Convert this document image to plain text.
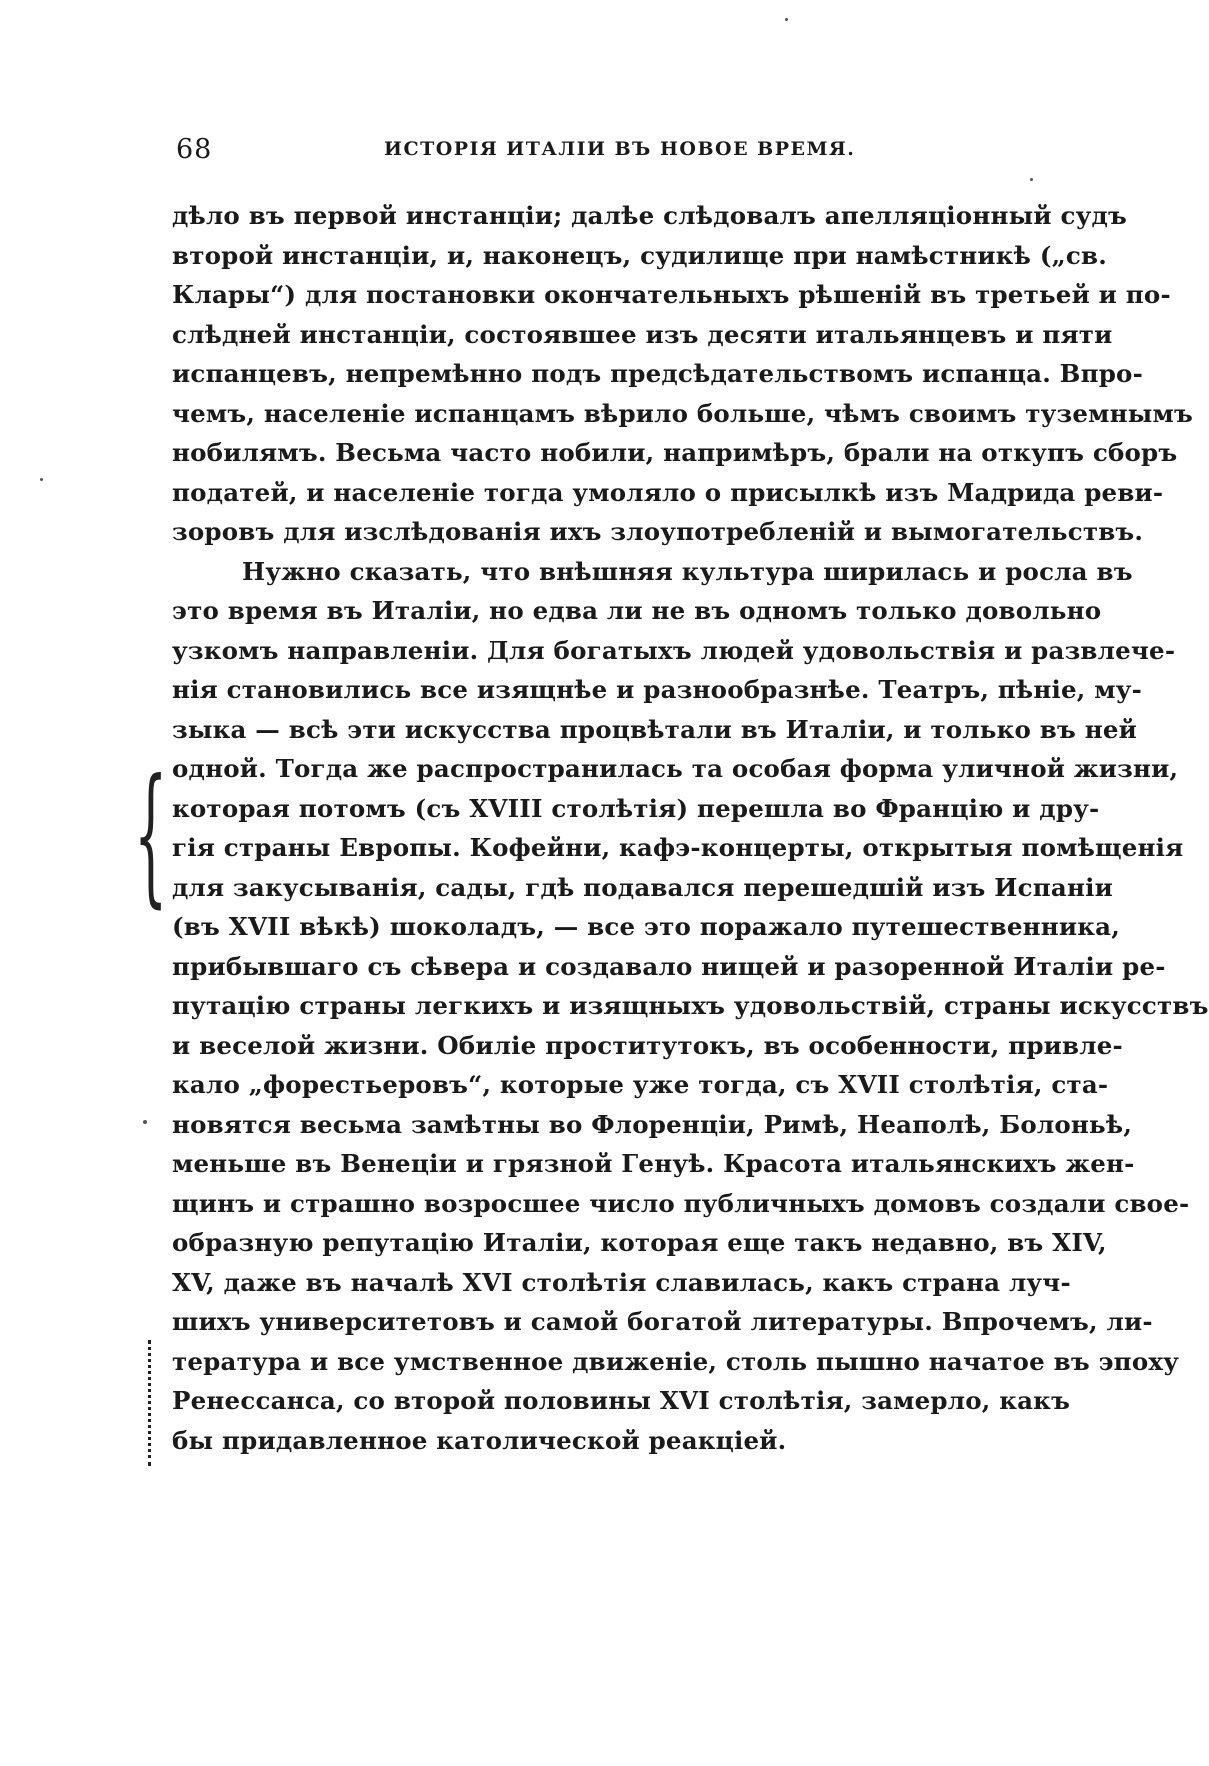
68	ИСТОРІЯ ИТАЛІИ ВЪ НОВОЕ ВРЕМЯ.
{
дѣло въ первой инстанціи; далѣе слѣдовалъ апелляціонный судъ
второй инстанціи, и, наконецъ, судилище при намѣстникѣ („св.
Клары“) для постановки окончательныхъ рѣшеній въ третьей и по-
слѣдней инстанціи, состоявшее изъ десяти итальянцевъ и пяти
испанцевъ, непремѣнно подъ предсѣдательствомъ испанца. Впро-
чемъ, населеніе испанцамъ вѣрило больше, чѣмъ своимъ туземнымъ
нобилямъ. Весьма часто нобили, напримѣръ, брали на откупъ сборъ
податей, и населеніе тогда умоляло о присылкѣ изъ Мадрида реви-
зоровъ для изслѣдованія ихъ злоупотребленій и вымогательствъ.
Нужно сказать, что внѣшняя культура ширилась и росла въ
это время въ Италіи, но едва ли не въ одномъ только довольно
узкомъ направленіи. Для богатыхъ людей удовольствія и развлече-
нія становились все изящнѣе и разнообразнѣе. Театръ, пѣніе, му-
зыка — всѣ эти искусства процвѣтали въ Италіи, и только въ ней
одной. Тогда же распространилась та особая форма уличной жизни,
которая потомъ (съ XVIII столѣтія) перешла во Францію и дру-
гія страны Европы. Кофейни, кафэ-концерты, открытыя помѣщенія
для закусыванія, сады, гдѣ подавался перешедшій изъ Испаніи
(въ XVII вѣкѣ) шоколадъ, — все это поражало путешественника,
прибывшаго съ сѣвера и создавало нищей и разоренной Италіи ре-
путацію страны легкихъ и изящныхъ удовольствій, страны искусствъ
и веселой жизни. Обиліе проститутокъ, въ особенности, привле-
кало „форестьеровъ“, которые уже тогда, съ XVII столѣтія, ста-
новятся весьма замѣтны во Флоренціи, Римѣ, Неаполѣ, Болоньѣ,
меньше въ Венеціи и грязной Генуѣ. Красота итальянскихъ жен-
щинъ и страшно возросшее число публичныхъ домовъ создали свое-
образную репутацію Италіи, которая еще такъ недавно, въ XIV,
XV, даже въ началѣ XVI столѣтія славилась, какъ страна луч-
шихъ университетовъ и самой богатой литературы. Впрочемъ, ли-
тература и все умственное движеніе, столь пышно начатое въ эпоху
Ренессанса, со второй половины XVI столѣтія, замерло, какъ
бы придавленное католической реакціей.
